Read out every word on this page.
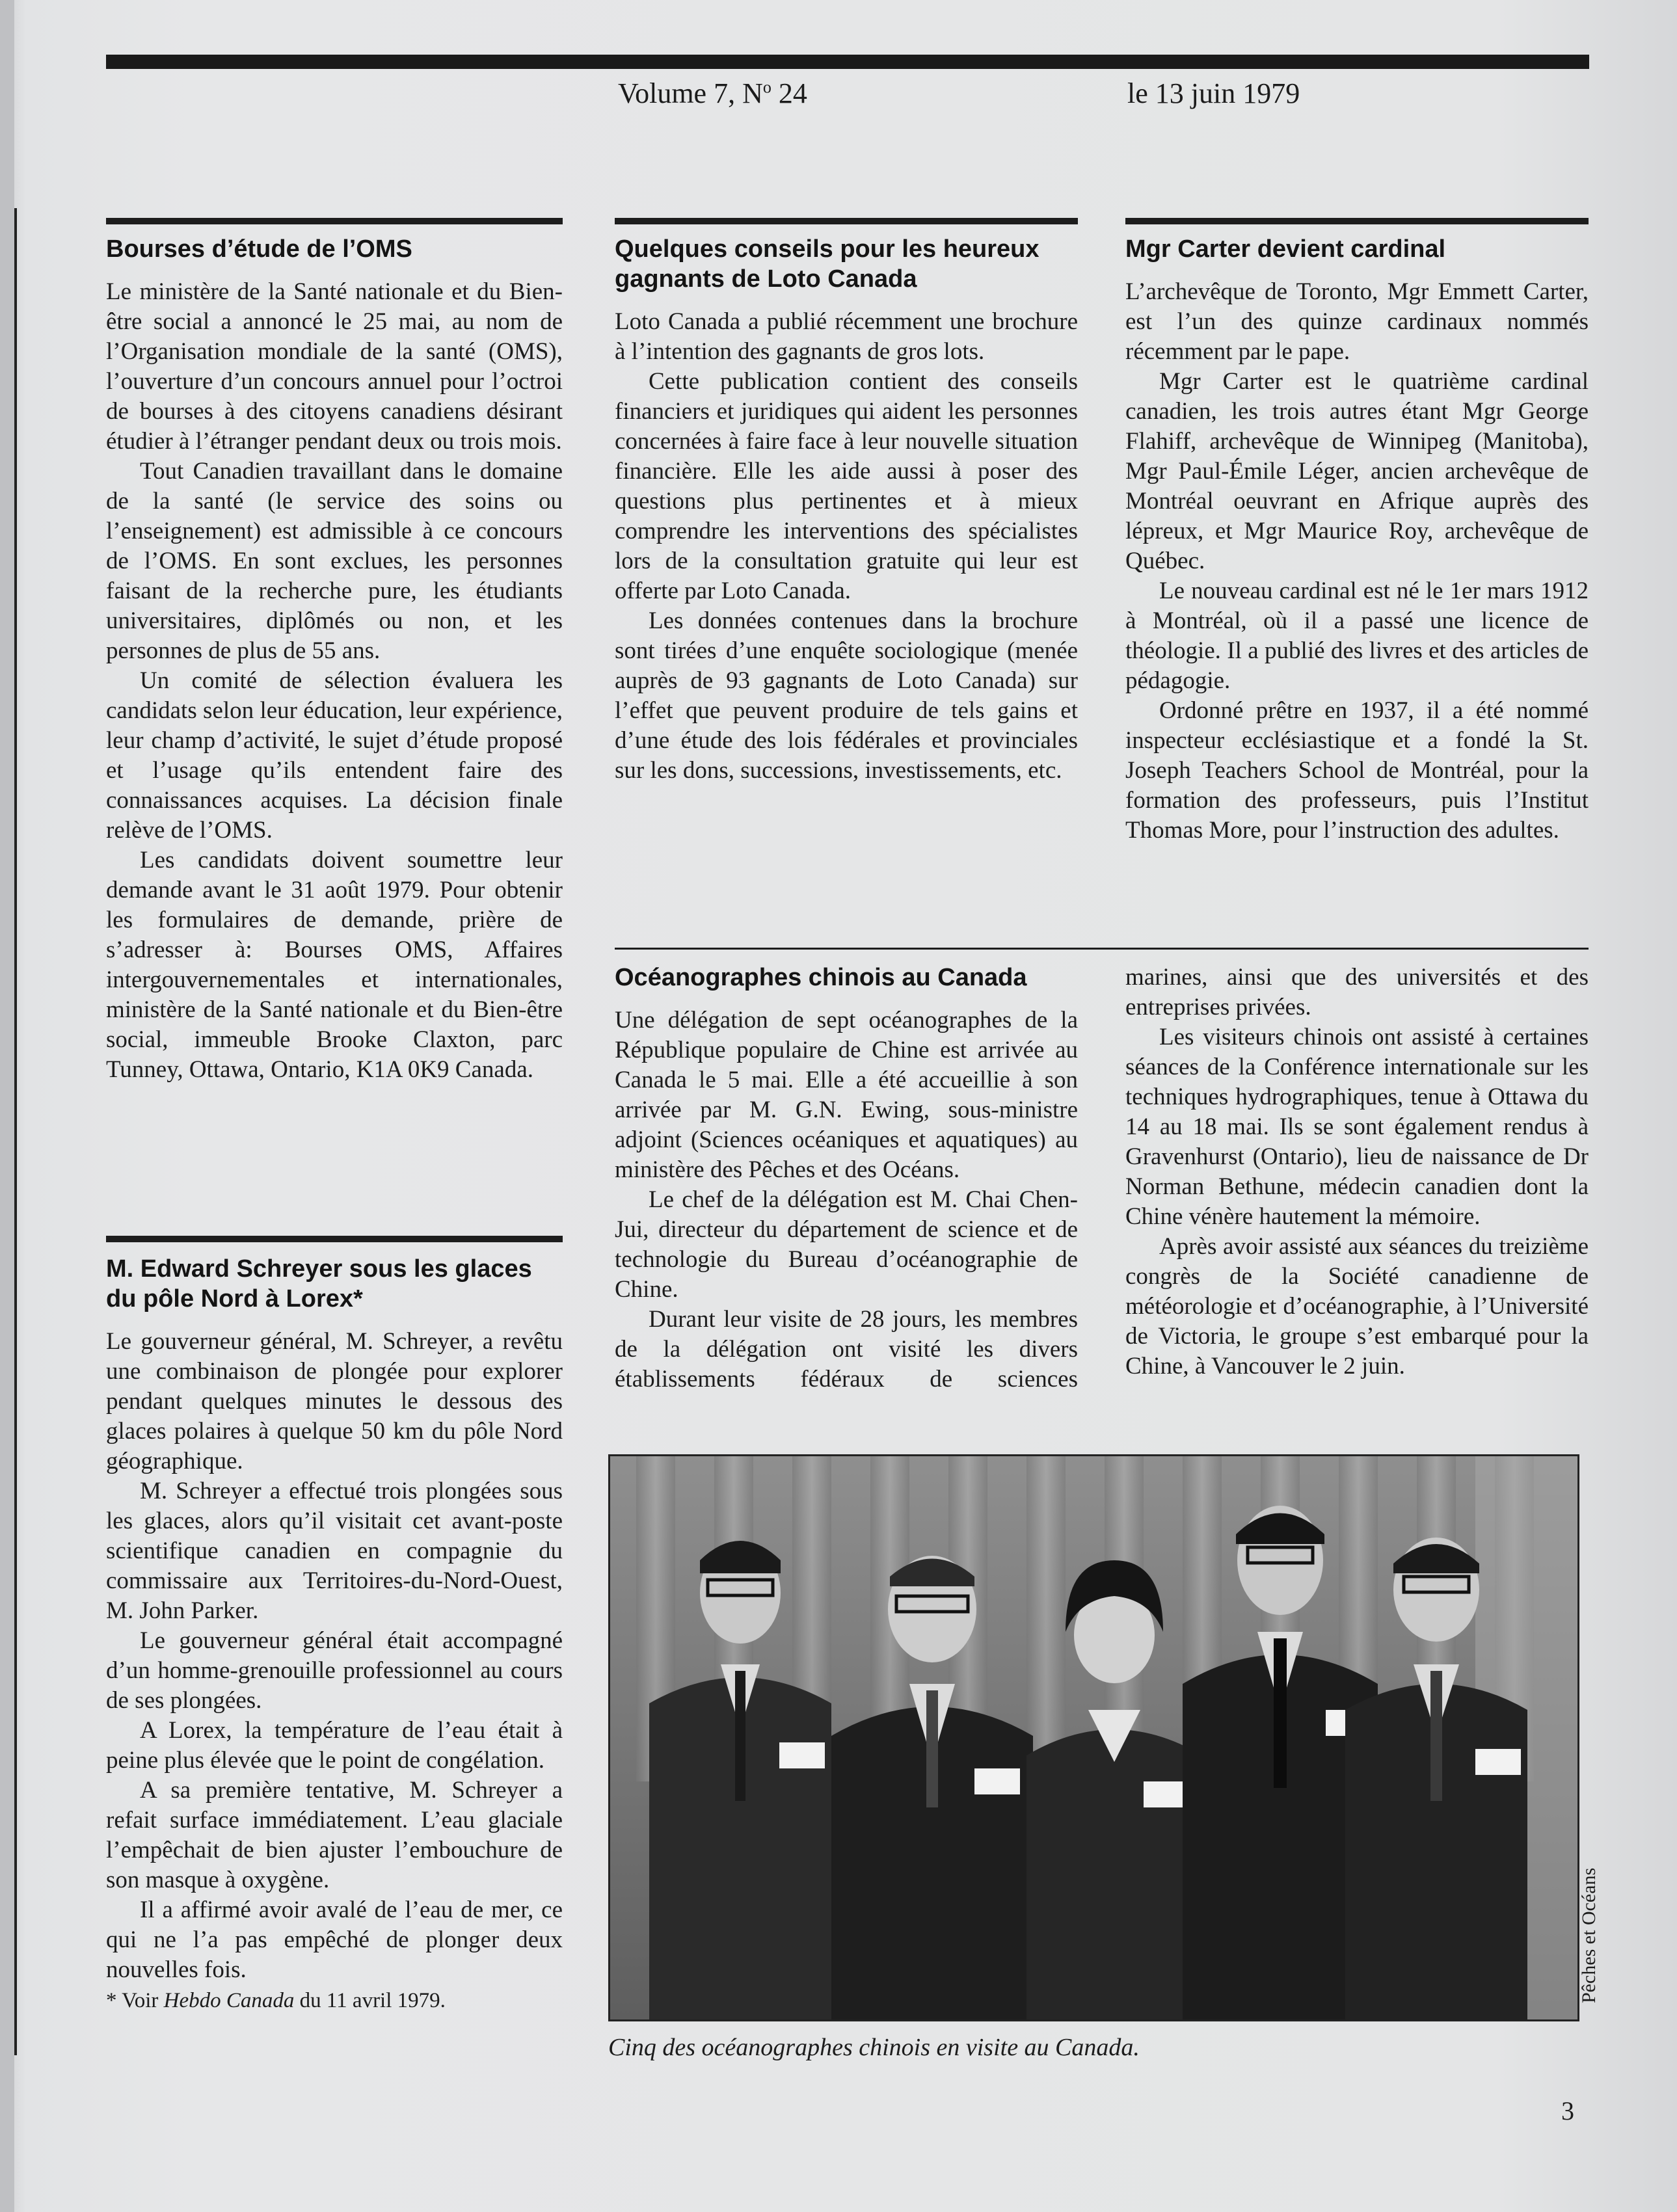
Volume 7, $N^o$ 24	le 13 juin 1979
Bourses d’étude de l’OMS

Le ministère de la Santé nationale et du Bien-être social a annoncé le 25 mai, au nom de l’Organisation mondiale de la santé (OMS), l’ouverture d’un concours annuel pour l’octroi de bourses à des citoyens canadiens désirant étudier à l’étranger pendant deux ou trois mois.

Tout Canadien travaillant dans le domaine de la santé (le service des soins ou l’enseignement) est admissible à ce concours de l’OMS. En sont exclues, les personnes faisant de la recherche pure, les étudiants universitaires, diplômés ou non, et les personnes de plus de 55 ans.

Un comité de sélection évaluera les candidats selon leur éducation, leur expérience, leur champ d’activité, le sujet d’étude proposé et l’usage qu’ils entendent faire des connaissances acquises. La décision finale relève de l’OMS.

Les candidats doivent soumettre leur demande avant le 31 août 1979. Pour obtenir les formulaires de demande, prière de s’adresser à: Bourses OMS, Affaires intergouvernementales et internationales, ministère de la Santé nationale et du Bien-être social, immeuble Brooke Claxton, parc Tunney, Ottawa, Ontario, K1A 0K9 Canada.

M. Edward Schreyer sous les glaces du pôle Nord à Lorex*

Le gouverneur général, M. Schreyer, a revêtu une combinaison de plongée pour explorer pendant quelques minutes le dessous des glaces polaires à quelque 50 km du pôle Nord géographique.

M. Schreyer a effectué trois plongées sous les glaces, alors qu’il visitait cet avant-poste scientifique canadien en compagnie du commissaire aux Territoires-du-Nord-Ouest, M. John Parker.

Le gouverneur général était accompagné d’un homme-grenouille professionnel au cours de ses plongées.

A Lorex, la température de l’eau était à peine plus élevée que le point de congélation.

A sa première tentative, M. Schreyer a refait surface immédiatement. L’eau glaciale l’empêchait de bien ajuster l’embouchure de son masque à oxygène.

Il a affirmé avoir avalé de l’eau de mer, ce qui ne l’a pas empêché de plonger deux nouvelles fois.

* Voir Hebdo Canada du 11 avril 1979.

Quelques conseils pour les heureux gagnants de Loto Canada

Loto Canada a publié récemment une brochure à l’intention des gagnants de gros lots.

Cette publication contient des conseils financiers et juridiques qui aident les personnes concernées à faire face à leur nouvelle situation financière. Elle les aide aussi à poser des questions plus pertinentes et à mieux comprendre les interventions des spécialistes lors de la consultation gratuite qui leur est offerte par Loto Canada.

Les données contenues dans la brochure sont tirées d’une enquête sociologique (menée auprès de 93 gagnants de Loto Canada) sur l’effet que peuvent produire de tels gains et d’une étude des lois fédérales et provinciales sur les dons, successions, investissements, etc.

Mgr Carter devient cardinal

L’archevêque de Toronto, Mgr Emmett Carter, est l’un des quinze cardinaux nommés récemment par le pape.

Mgr Carter est le quatrième cardinal canadien, les trois autres étant Mgr George Flahiff, archevêque de Winnipeg (Manitoba), Mgr Paul-Émile Léger, ancien archevêque de Montréal oeuvrant en Afrique auprès des lépreux, et Mgr Maurice Roy, archevêque de Québec.

Le nouveau cardinal est né le 1er mars 1912 à Montréal, où il a passé une licence de théologie. Il a publié des livres et des articles de pédagogie.

Ordonné prêtre en 1937, il a été nommé inspecteur ecclésiastique et a fondé la St. Joseph Teachers School de Montréal, pour la formation des professeurs, puis l’Institut Thomas More, pour l’instruction des adultes.

Océanographes chinois au Canada

Une délégation de sept océanographes de la République populaire de Chine est arrivée au Canada le 5 mai. Elle a été accueillie à son arrivée par M. G.N. Ewing, sous-ministre adjoint (Sciences océaniques et aquatiques) au ministère des Pêches et des Océans.

Le chef de la délégation est M. Chai Chen-Jui, directeur du département de science et de technologie du Bureau d’océanographie de Chine.

Durant leur visite de 28 jours, les membres de la délégation ont visité les divers établissements fédéraux de sciences

marines, ainsi que des universités et des entreprises privées.

Les visiteurs chinois ont assisté à certaines séances de la Conférence internationale sur les techniques hydrographiques, tenue à Ottawa du 14 au 18 mai. Ils se sont également rendus à Gravenhurst (Ontario), lieu de naissance de Dr Norman Bethune, médecin canadien dont la Chine vénère hautement la mémoire.

Après avoir assisté aux séances du treizième congrès de la Société canadienne de météorologie et d’océanographie, à l’Université de Victoria, le groupe s’est embarqué pour la Chine, à Vancouver le 2 juin.

Pêches et Océans
Cinq des océanographes chinois en visite au Canada.
3
